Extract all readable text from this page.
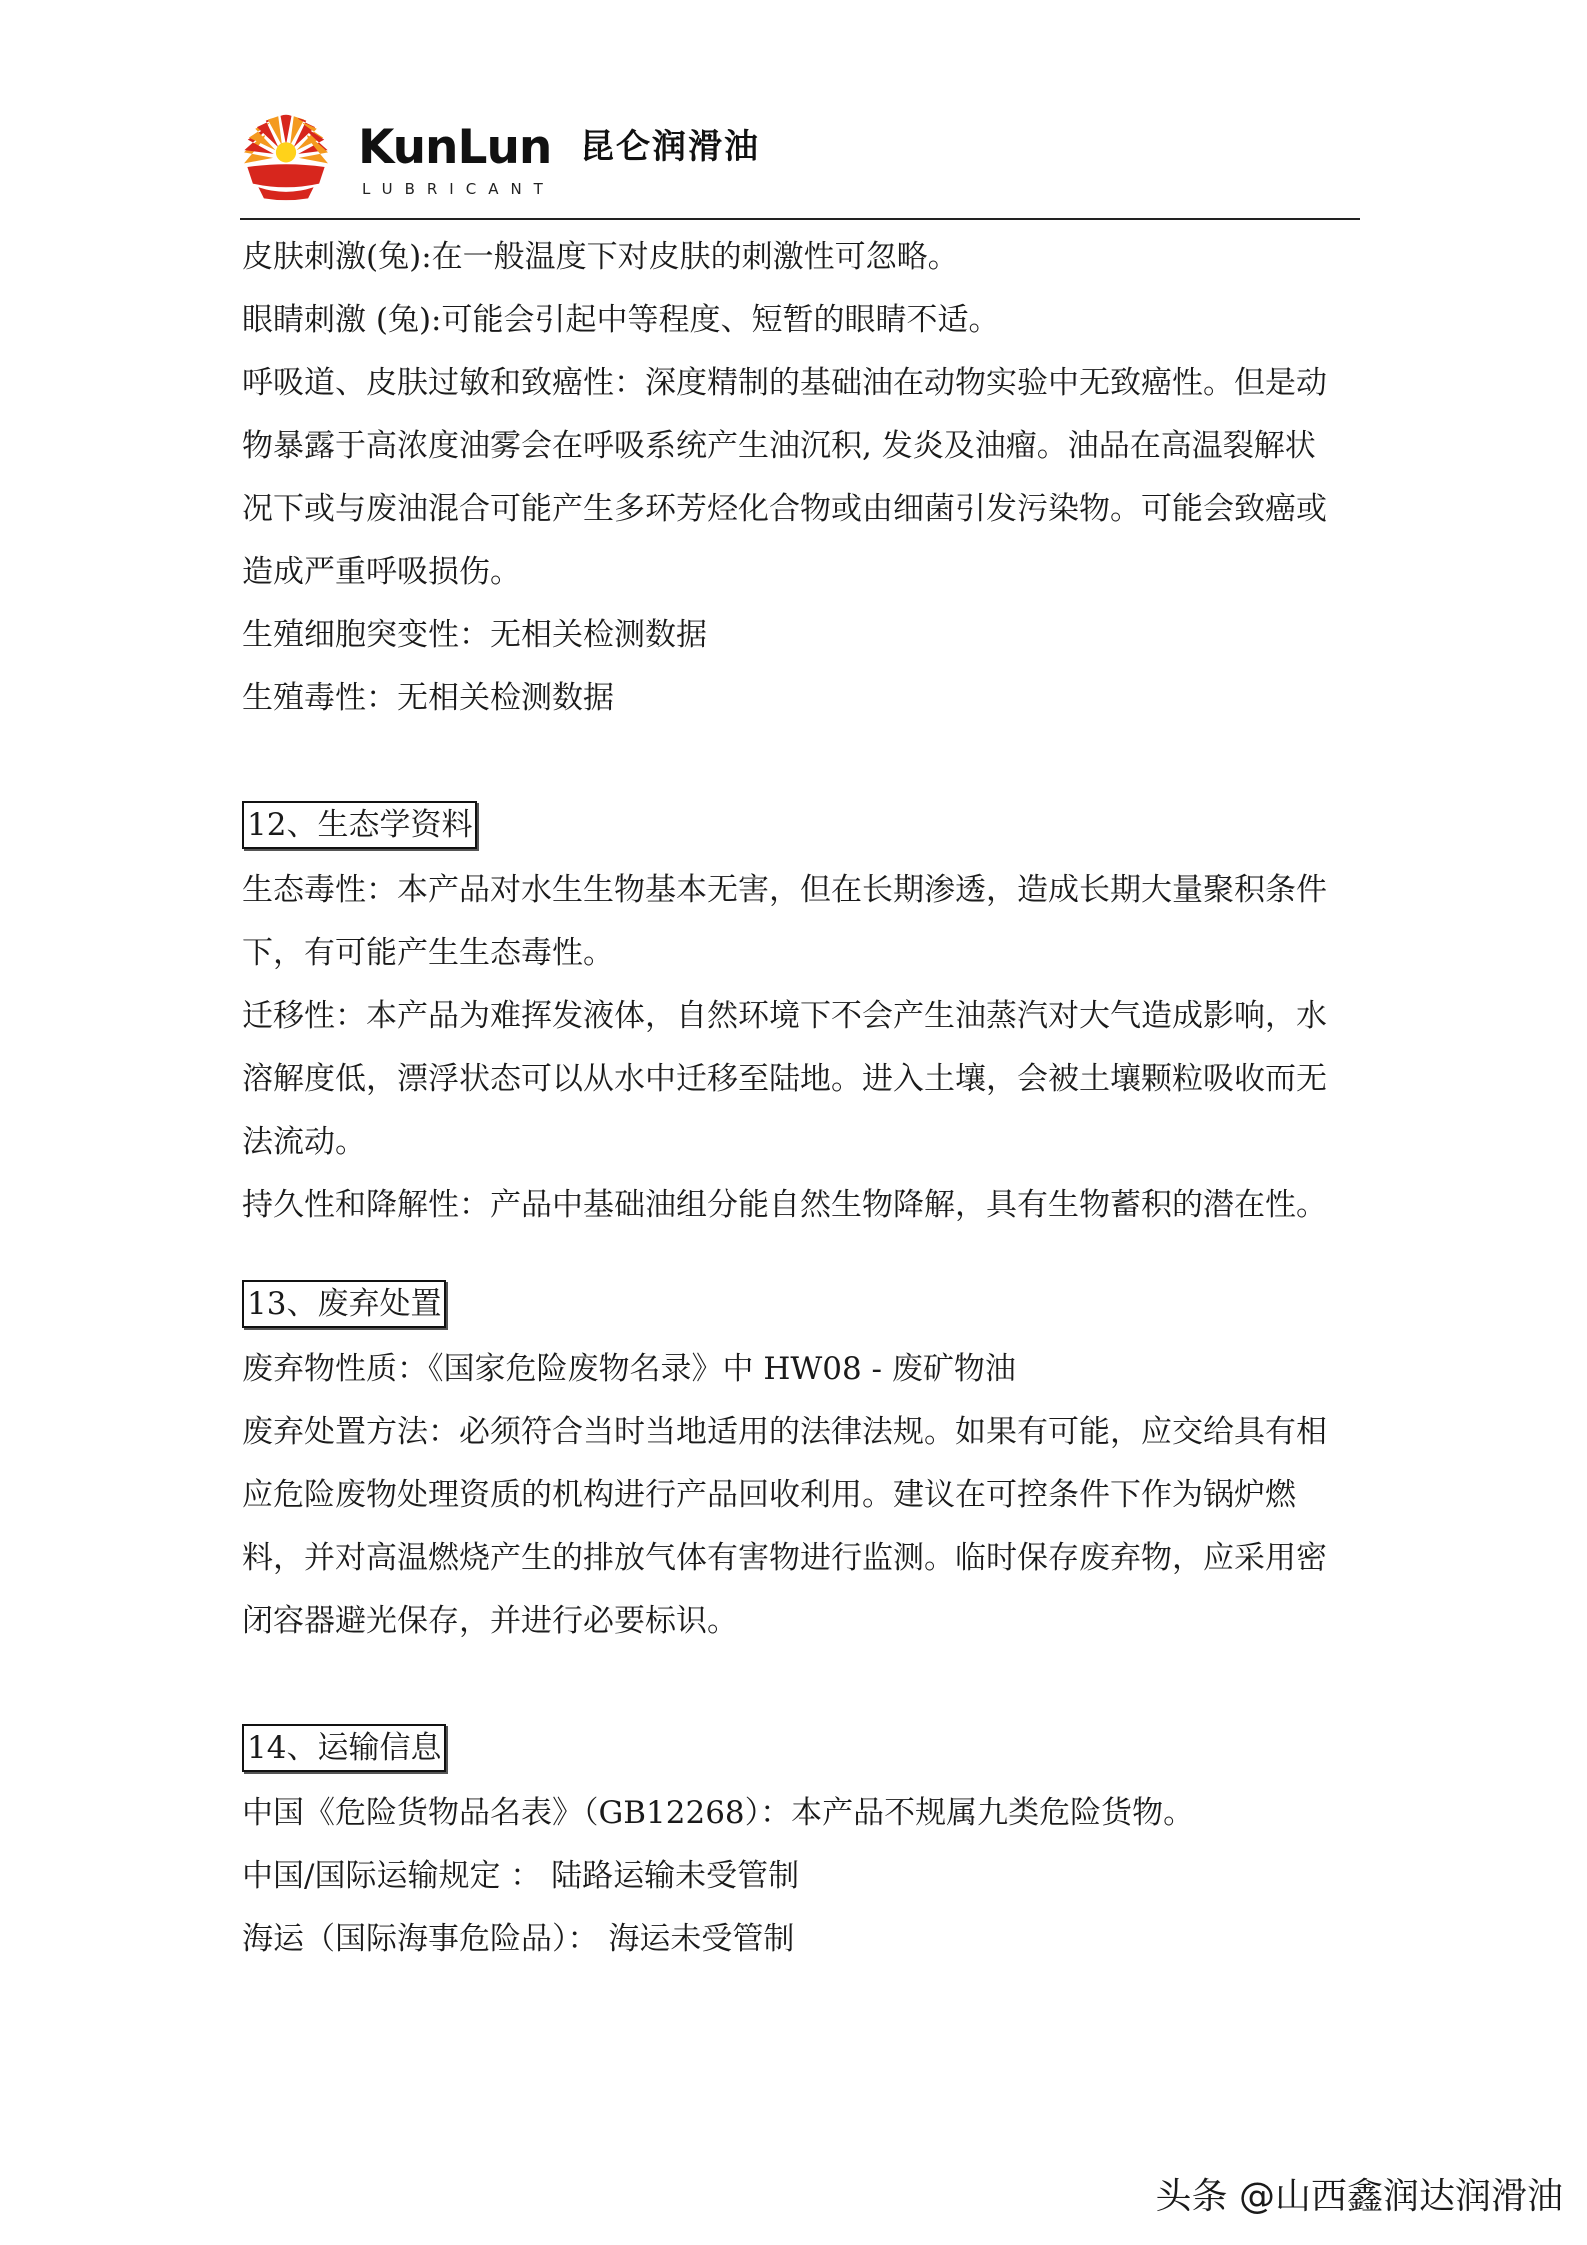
KunLun 昆仑润滑油
LUBRICANT

皮肤刺激(兔):在一般温度下对皮肤的刺激性可忽略。

眼睛刺激 (兔):可能会引起中等程度、短暂的眼睛不适。

呼吸道、皮肤过敏和致癌性：深度精制的基础油在动物实验中无致癌性。但是动

物暴露于高浓度油雾会在呼吸系统产生油沉积, 发炎及油瘤。油品在高温裂解状

况下或与废油混合可能产生多环芳烃化合物或由细菌引发污染物。可能会致癌或

造成严重呼吸损伤。

生殖细胞突变性：无相关检测数据

生殖毒性：无相关检测数据

12、生态学资料

生态毒性：本产品对水生生物基本无害，但在长期渗透，造成长期大量聚积条件

下，有可能产生生态毒性。

迁移性：本产品为难挥发液体，自然环境下不会产生油蒸汽对大气造成影响，水

溶解度低，漂浮状态可以从水中迁移至陆地。进入土壤，会被土壤颗粒吸收而无

法流动。

持久性和降解性：产品中基础油组分能自然生物降解，具有生物蓄积的潜在性。

13、废弃处置

废弃物性质：《国家危险废物名录》中 HW08 - 废矿物油

废弃处置方法：必须符合当时当地适用的法律法规。如果有可能，应交给具有相

应危险废物处理资质的机构进行产品回收利用。建议在可控条件下作为锅炉燃

料，并对高温燃烧产生的排放气体有害物进行监测。临时保存废弃物，应采用密

闭容器避光保存，并进行必要标识。

14、运输信息

中国《危险货物品名表》（GB12268）：本产品不规属九类危险货物。

中国/国际运输规定 ： 陆路运输未受管制

海运（国际海事危险品）： 海运未受管制

头条 @山西鑫润达润滑油
